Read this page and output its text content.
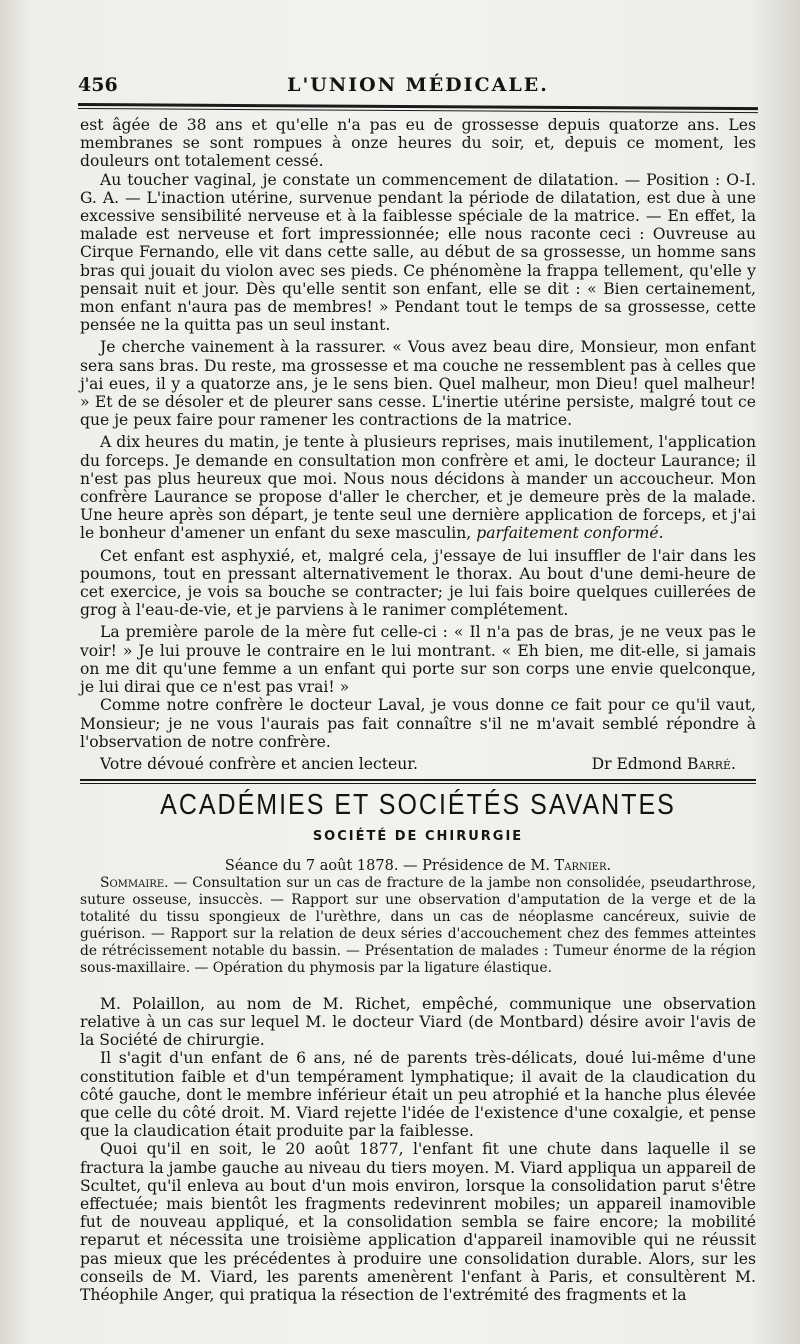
456	L'UNION MÉDICALE.

est âgée de 38 ans et qu'elle n'a pas eu de grossesse depuis quatorze ans. Les membranes se sont rompues à onze heures du soir, et, depuis ce moment, les douleurs ont totalement cessé.

Au toucher vaginal, je constate un commencement de dilatation. — Position : O-I. G. A. — L'inaction utérine, survenue pendant la période de dilatation, est due à une excessive sensibilité nerveuse et à la faiblesse spéciale de la matrice. — En effet, la malade est nerveuse et fort impressionnée; elle nous raconte ceci : Ouvreuse au Cirque Fernando, elle vit dans cette salle, au début de sa grossesse, un homme sans bras qui jouait du violon avec ses pieds. Ce phénomène la frappa tellement, qu'elle y pensait nuit et jour. Dès qu'elle sentit son enfant, elle se dit : « Bien certainement, mon enfant n'aura pas de membres! » Pendant tout le temps de sa grossesse, cette pensée ne la quitta pas un seul instant.

Je cherche vainement à la rassurer. « Vous avez beau dire, Monsieur, mon enfant sera sans bras. Du reste, ma grossesse et ma couche ne ressemblent pas à celles que j'ai eues, il y a quatorze ans, je le sens bien. Quel malheur, mon Dieu! quel malheur! » Et de se désoler et de pleurer sans cesse. L'inertie utérine persiste, malgré tout ce que je peux faire pour ramener les contractions de la matrice.

A dix heures du matin, je tente à plusieurs reprises, mais inutilement, l'application du forceps. Je demande en consultation mon confrère et ami, le docteur Laurance; il n'est pas plus heureux que moi. Nous nous décidons à mander un accoucheur. Mon confrère Laurance se propose d'aller le chercher, et je demeure près de la malade. Une heure après son départ, je tente seul une dernière application de forceps, et j'ai le bonheur d'amener un enfant du sexe masculin, parfaitement conformé.

Cet enfant est asphyxié, et, malgré cela, j'essaye de lui insuffler de l'air dans les poumons, tout en pressant alternativement le thorax. Au bout d'une demi-heure de cet exercice, je vois sa bouche se contracter; je lui fais boire quelques cuillerées de grog à l'eau-de-vie, et je parviens à le ranimer complétement.

La première parole de la mère fut celle-ci : « Il n'a pas de bras, je ne veux pas le voir! » Je lui prouve le contraire en le lui montrant. « Eh bien, me dit-elle, si jamais on me dit qu'une femme a un enfant qui porte sur son corps une envie quelconque, je lui dirai que ce n'est pas vrai! »

Comme notre confrère le docteur Laval, je vous donne ce fait pour ce qu'il vaut, Monsieur; je ne vous l'aurais pas fait connaître s'il ne m'avait semblé répondre à l'observation de notre confrère.

Votre dévoué confrère et ancien lecteur.	Dr Edmond Barré.
ACADÉMIES ET SOCIÉTÉS SAVANTES
SOCIÉTÉ DE CHIRURGIE
Séance du 7 août 1878. — Présidence de M. Tarnier.

Sommaire. — Consultation sur un cas de fracture de la jambe non consolidée, pseudarthrose, suture osseuse, insuccès. — Rapport sur une observation d'amputation de la verge et de la totalité du tissu spongieux de l'urèthre, dans un cas de néoplasme cancéreux, suivie de guérison. — Rapport sur la relation de deux séries d'accouchement chez des femmes atteintes de rétrécissement notable du bassin. — Présentation de malades : Tumeur énorme de la région sous-maxillaire. — Opération du phymosis par la ligature élastique.

M. Polaillon, au nom de M. Richet, empêché, communique une observation relative à un cas sur lequel M. le docteur Viard (de Montbard) désire avoir l'avis de la Société de chirurgie.

Il s'agit d'un enfant de 6 ans, né de parents très-délicats, doué lui-même d'une constitution faible et d'un tempérament lymphatique; il avait de la claudication du côté gauche, dont le membre inférieur était un peu atrophié et la hanche plus élevée que celle du côté droit. M. Viard rejette l'idée de l'existence d'une coxalgie, et pense que la claudication était produite par la faiblesse.

Quoi qu'il en soit, le 20 août 1877, l'enfant fit une chute dans laquelle il se fractura la jambe gauche au niveau du tiers moyen. M. Viard appliqua un appareil de Scultet, qu'il enleva au bout d'un mois environ, lorsque la consolidation parut s'être effectuée; mais bientôt les fragments redevinrent mobiles; un appareil inamovible fut de nouveau appliqué, et la consolidation sembla se faire encore; la mobilité reparut et nécessita une troisième application d'appareil inamovible qui ne réussit pas mieux que les précédentes à produire une consolidation durable. Alors, sur les conseils de M. Viard, les parents amenèrent l'enfant à Paris, et consultèrent M. Théophile Anger, qui pratiqua la résection de l'extrémité des fragments et la
